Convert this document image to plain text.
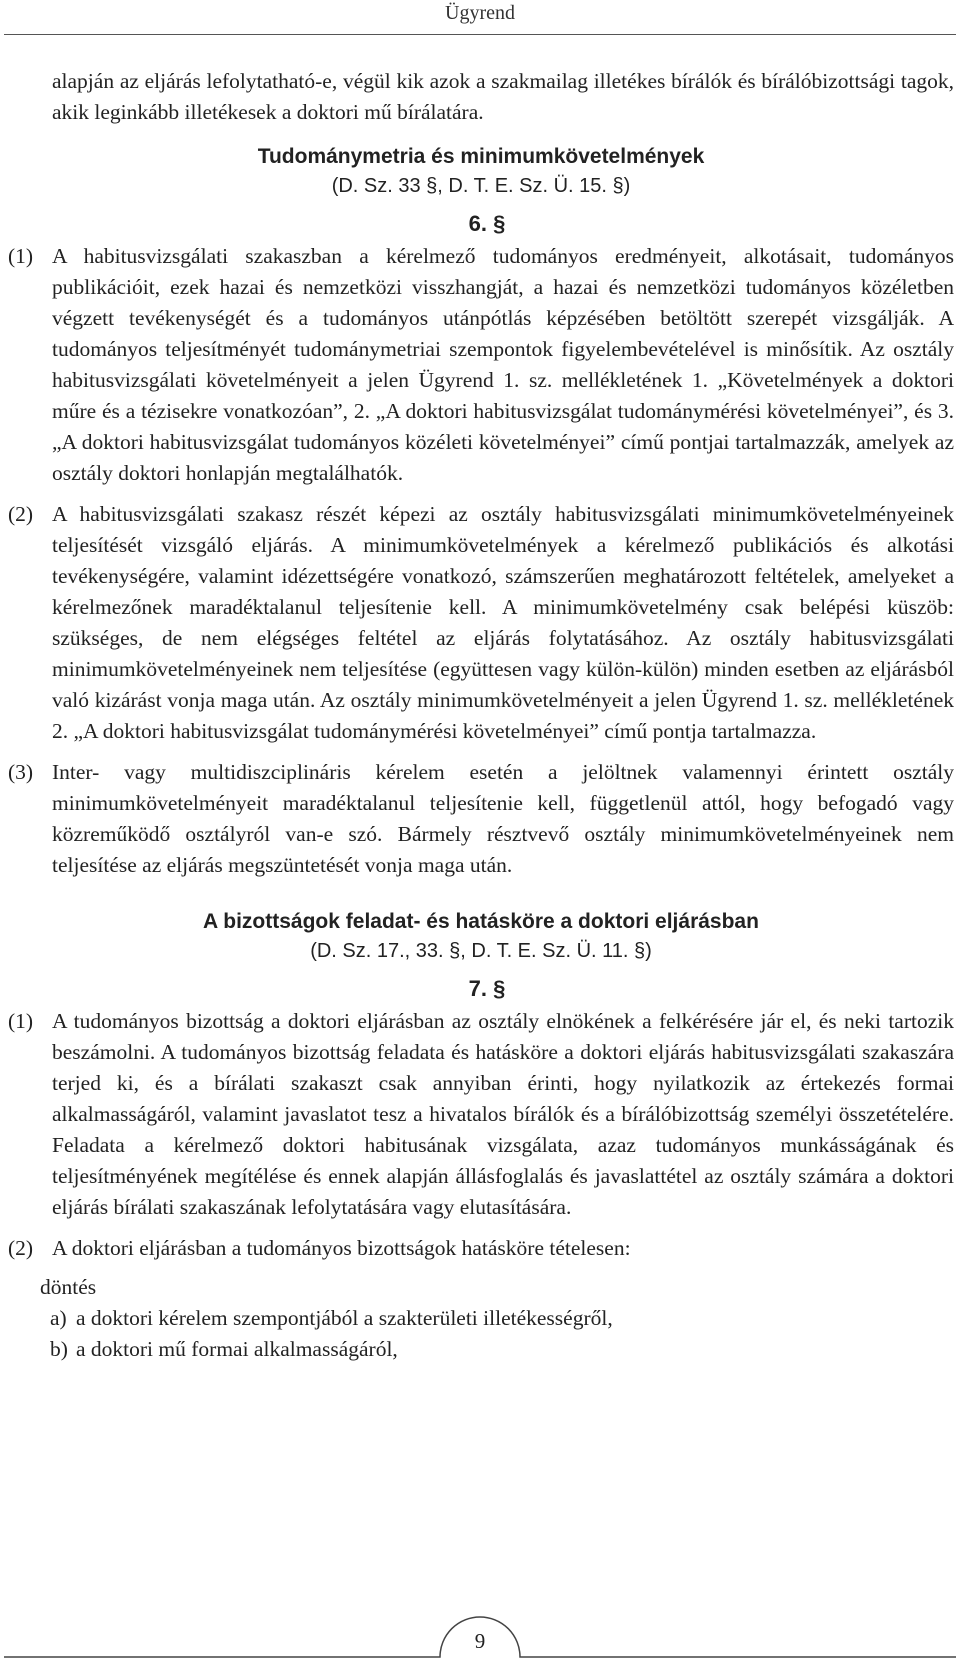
Ügyrend

alapján az eljárás lefolytatható-e, végül kik azok a szakmailag illetékes bírálók és bírálóbizottsági tagok, akik leginkább illetékesek a doktori mű bírálatára.

Tudománymetria és minimumkövetelmények

(D. Sz. 33 §, D. T. E. Sz. Ü. 15. §)

6. §

(1) A habitusvizsgálati szakaszban a kérelmező tudományos eredményeit, alkotásait, tudományos publikációit, ezek hazai és nemzetközi visszhangját, a hazai és nemzetközi tudományos közéletben végzett tevékenységét és a tudományos utánpótlás képzésében betöltött szerepét vizsgálják. A tudományos teljesítményét tudománymetriai szempontok figyelembevételével is minősítik. Az osztály habitusvizsgálati követelményeit a jelen Ügyrend 1. sz. mellékletének 1. „Követelmények a doktori műre és a tézisekre vonatkozóan”, 2. „A doktori habitusvizsgálat tudománymérési követelményei”, és 3. „A doktori habitusvizsgálat tudományos közéleti követelményei” című pontjai tartalmazzák, amelyek az osztály doktori honlapján megtalálhatók.
(2) A habitusvizsgálati szakasz részét képezi az osztály habitusvizsgálati minimumkövetelményeinek teljesítését vizsgáló eljárás. A minimumkövetelmények a kérelmező publikációs és alkotási tevékenységére, valamint idézettségére vonatkozó, számszerűen meghatározott feltételek, amelyeket a kérelmezőnek maradéktalanul teljesítenie kell. A minimumkövetelmény csak belépési küszöb: szükséges, de nem elégséges feltétel az eljárás folytatásához. Az osztály habitusvizsgálati minimumkövetelményeinek nem teljesítése (együttesen vagy külön-külön) minden esetben az eljárásból való kizárást vonja maga után. Az osztály minimumkövetelményeit a jelen Ügyrend 1. sz. mellékletének 2. „A doktori habitusvizsgálat tudománymérési követelményei” című pontja tartalmazza.
(3) Inter- vagy multidiszciplináris kérelem esetén a jelöltnek valamennyi érintett osztály minimumkövetelményeit maradéktalanul teljesítenie kell, függetlenül attól, hogy befogadó vagy közreműködő osztályról van-e szó. Bármely résztvevő osztály minimumkövetelményeinek nem teljesítése az eljárás megszüntetését vonja maga után.

A bizottságok feladat- és hatásköre a doktori eljárásban

(D. Sz. 17., 33. §, D. T. E. Sz. Ü. 11. §)

7. §

(1) A tudományos bizottság a doktori eljárásban az osztály elnökének a felkérésére jár el, és neki tartozik beszámolni. A tudományos bizottság feladata és hatásköre a doktori eljárás habitusvizsgálati szakaszára terjed ki, és a bírálati szakaszt csak annyiban érinti, hogy nyilatkozik az értekezés formai alkalmasságáról, valamint javaslatot tesz a hivatalos bírálók és a bírálóbizottság személyi összetételére. Feladata a kérelmező doktori habitusának vizsgálata, azaz tudományos munkásságának és teljesítményének megítélése és ennek alapján állásfoglalás és javaslattétel az osztály számára a doktori eljárás bírálati szakaszának lefolytatására vagy elutasítására.
(2) A doktori eljárásban a tudományos bizottságok hatásköre tételesen:
döntés
a) a doktori kérelem szempontjából a szakterületi illetékességről,
b) a doktori mű formai alkalmasságáról,
9
